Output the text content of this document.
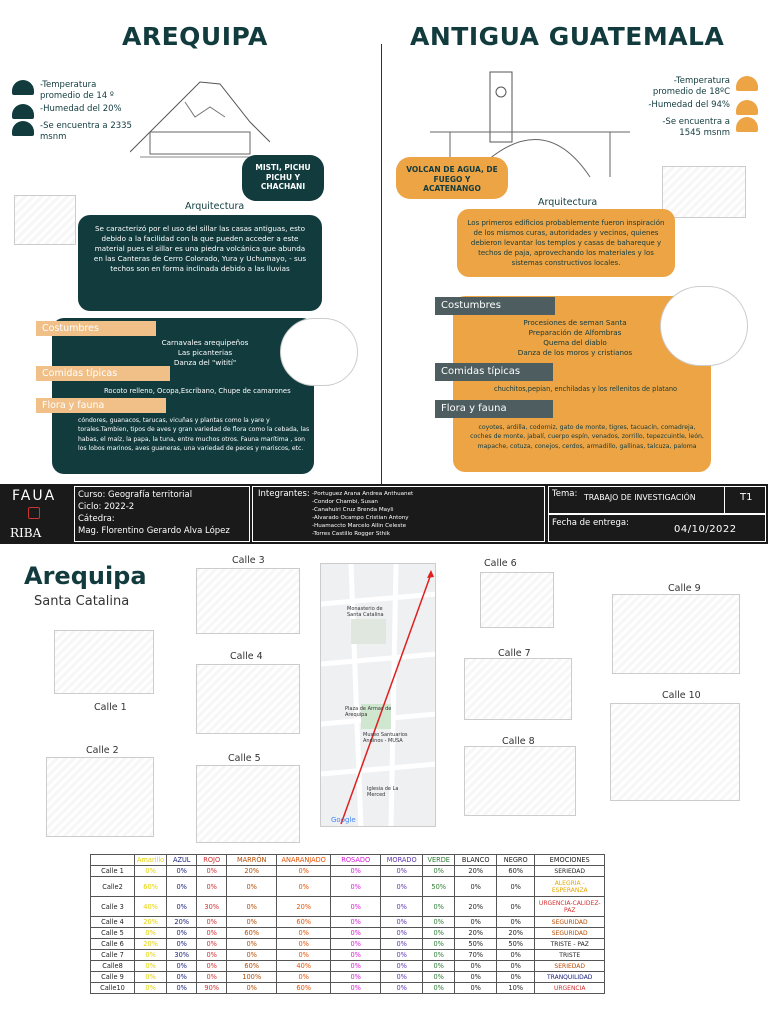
AREQUIPA
-Temperatura promedio de 14 º
-Humedad del 20%
-Se encuentra a 2335 msnm
MISTI, PICHU PICHU Y CHACHANI
Arquitectura
Se caracterizó por el uso del sillar las casas antiguas, esto debido a la facilidad con la que pueden acceder a este material pues el sillar es una piedra volcánica que abunda en las Canteras de Cerro Colorado, Yura y Uchumayo, - sus techos son en forma inclinada debido a las lluvias
Costumbres
Carnavales arequipeños
Las picanterias
Danza del "witití"
Comidas típicas
Rocoto relleno, Ocopa,Escribano, Chupe de camarones
Flora y fauna
cóndores, guanacos, tarucas, vicuñas y plantas como la yare y torales.Tambien, tipos de aves y gran variedad de flora como la cebada, las habas, el maíz, la papa, la tuna, entre muchos otros. Fauna marítima , son los lobos marinos, aves guaneras, una variedad de peces y mariscos, etc.
ANTIGUA GUATEMALA
-Temperatura promedio de 18ºC
-Humedad del 94%
-Se encuentra a 1545 msnm
VOLCAN DE AGUA, DE FUEGO Y ACATENANGO
Arquitectura
Los primeros edificios probablemente fueron inspiración de los mismos curas, autoridades y vecinos, quienes debieron levantar los templos y casas de bahareque y techos de paja, aprovechando los materiales y los sistemas constructivos locales.
Costumbres
Procesiones de seman Santa
Preparación de Alfombras
Quema del diablo
Danza de los moros y cristianos
Comidas típicas
chuchitos,pepian, enchiladas y los rellenitos de platano
Flora y fauna
coyotes, ardilla, codorniz, gato de monte, tigres, tacuacín, comadreja, coches de monte, jabalí, cuerpo espín, venados, zorrillo, tepezcuintle, león, mapache, cotuza, conejos, cerdos, armadillo, gallinas, talcuza, paloma
FAUA
RIBA
Curso: Geografía territorial
Ciclo: 2022-2
Cátedra:
Mag. Florentino Gerardo Alva López
Integrantes: -Portuguez Arana Andrea Anthuanet
-Condor Chambi, Susan
-Canahuiri Cruz Brenda Mayli
-Alvarado Ocampo Cristian Antony
-Huamaccto Marcelo Allin Celeste
-Torres Castillo Rogger Sthik
Tema: TRABAJO DE INVESTIGACIÓN	T1
Fecha de entrega:
04/10/2022
Arequipa
Santa Catalina
Calle 1
Calle 2
Calle 3
Calle 4
Calle 5
Calle 6
Calle 7
Calle 8
Calle 9
Calle 10
Monasterio de Santa Catalina
Plaza de Armas de Arequipa
Museo Santuarios Andinos - MUSA
Iglesia de La Merced
Google
	Amarillo	AZUL	ROJO	MARRÓN	ANARANJADO	ROSADO	MORADO	VERDE	BLANCO	NEGRO	EMOCIONES
Calle 1	0%	0%	0%	20%	0%	0%	0%	0%	20%	60%	SERIEDAD
Calle2	60%	0%	0%	0%	0%	0%	0%	50%	0%	0%	ALEGRIA - ESPERANZA
Calle 3	40%	0%	30%	0%	20%	0%	0%	0%	20%	0%	URGENCIA-CALIDEZ-PAZ
Calle 4	20%	20%	0%	0%	60%	0%	0%	0%	0%	0%	SEGURIDAD
Calle 5	0%	0%	0%	60%	0%	0%	0%	0%	20%	20%	SEGURIDAD
Calle 6	20%	0%	0%	0%	0%	0%	0%	0%	50%	50%	TRISTE - PAZ
Calle 7	0%	30%	0%	0%	0%	0%	0%	0%	70%	0%	TRISTE
Calle8	0%	0%	0%	60%	40%	0%	0%	0%	0%	0%	SERIEDAD
Calle 9	0%	0%	0%	100%	0%	0%	0%	0%	0%	0%	TRANQUILIDAD
Calle10	0%	0%	90%	0%	60%	0%	0%	0%	0%	10%	URGENCIA
